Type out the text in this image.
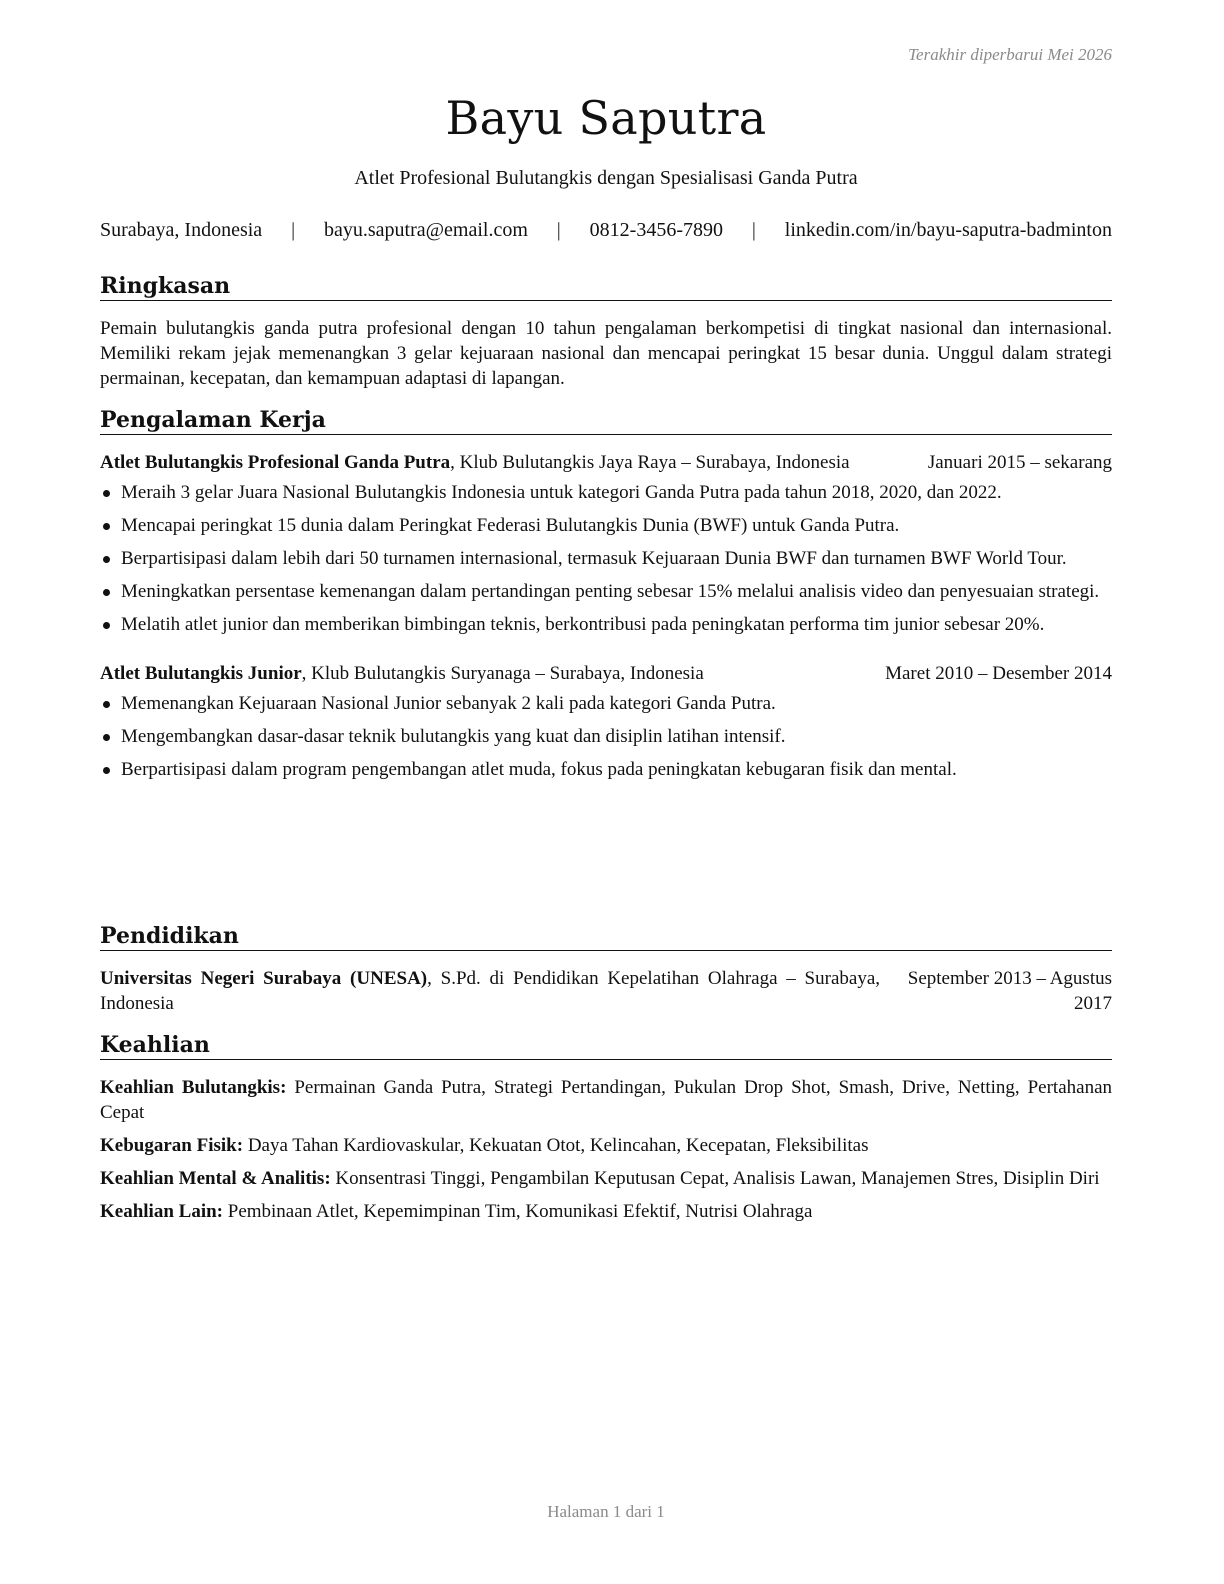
Terakhir diperbarui Mei 2026
Bayu Saputra
Atlet Profesional Bulutangkis dengan Spesialisasi Ganda Putra
Surabaya, Indonesia | bayu.saputra@email.com | 0812-3456-7890 | linkedin.com/in/bayu-saputra-badminton
Ringkasan

Pemain bulutangkis ganda putra profesional dengan 10 tahun pengalaman berkompetisi di tingkat nasional dan internasional. Memiliki rekam jejak memenangkan 3 gelar kejuaraan nasional dan mencapai peringkat 15 besar dunia. Unggul dalam strategi permainan, kecepatan, dan kemampuan adaptasi di lapangan.

Pengalaman Kerja
Atlet Bulutangkis Profesional Ganda Putra, Klub Bulutangkis Jaya Raya – Surabaya, Indonesia	Januari 2015 – sekarang
Meraih 3 gelar Juara Nasional Bulutangkis Indonesia untuk kategori Ganda Putra pada tahun 2018, 2020, dan 2022.
Mencapai peringkat 15 dunia dalam Peringkat Federasi Bulutangkis Dunia (BWF) untuk Ganda Putra.
Berpartisipasi dalam lebih dari 50 turnamen internasional, termasuk Kejuaraan Dunia BWF dan turnamen BWF World Tour.
Meningkatkan persentase kemenangan dalam pertandingan penting sebesar 15% melalui analisis video dan penyesuaian strategi.
Melatih atlet junior dan memberikan bimbingan teknis, berkontribusi pada peningkatan performa tim junior sebesar 20%.
Atlet Bulutangkis Junior, Klub Bulutangkis Suryanaga – Surabaya, Indonesia	Maret 2010 – Desember 2014
Memenangkan Kejuaraan Nasional Junior sebanyak 2 kali pada kategori Ganda Putra.
Mengembangkan dasar-dasar teknik bulutangkis yang kuat dan disiplin latihan intensif.
Berpartisipasi dalam program pengembangan atlet muda, fokus pada peningkatan kebugaran fisik dan mental.
Pendidikan
Universitas Negeri Surabaya (UNESA), S.Pd. di Pendidikan Kepelatihan Olahraga – Surabaya, Indonesia
September 2013 – Agustus 2017
Keahlian
Keahlian Bulutangkis: Permainan Ganda Putra, Strategi Pertandingan, Pukulan Drop Shot, Smash, Drive, Netting, Pertahanan Cepat
Kebugaran Fisik: Daya Tahan Kardiovaskular, Kekuatan Otot, Kelincahan, Kecepatan, Fleksibilitas
Keahlian Mental & Analitis: Konsentrasi Tinggi, Pengambilan Keputusan Cepat, Analisis Lawan, Manajemen Stres, Disiplin Diri
Keahlian Lain: Pembinaan Atlet, Kepemimpinan Tim, Komunikasi Efektif, Nutrisi Olahraga
Halaman 1 dari 1
